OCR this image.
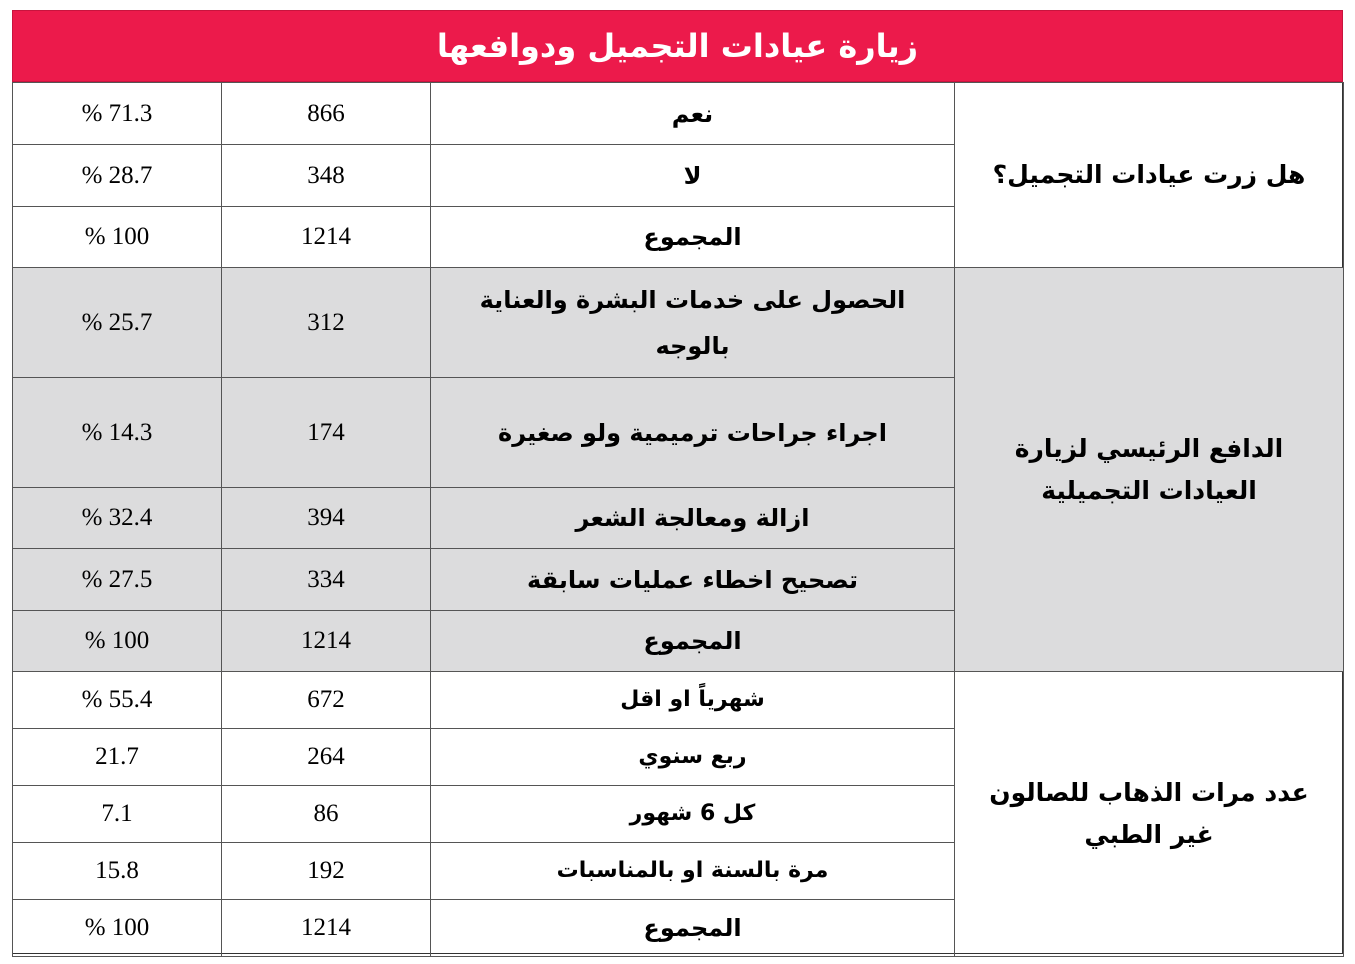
زيارة عيادات التجميل ودوافعها
هل زرت عيادات التجميل؟	نعم	866	% 71.3
	لا	348	% 28.7
	المجموع	1214	% 100
الدافع الرئيسي لزيارة العيادات التجميلية	الحصول على خدمات البشرة والعناية بالوجه	312	% 25.7
	اجراء جراحات ترميمية ولو صغيرة	174	% 14.3
	ازالة ومعالجة الشعر	394	% 32.4
	تصحيح اخطاء عمليات سابقة	334	% 27.5
	المجموع	1214	% 100
عدد مرات الذهاب للصالون غير الطبي	شهرياً او اقل	672	% 55.4
	ربع سنوي	264	21.7
	كل 6 شهور	86	7.1
	مرة بالسنة او بالمناسبات	192	15.8
	المجموع	1214	% 100
